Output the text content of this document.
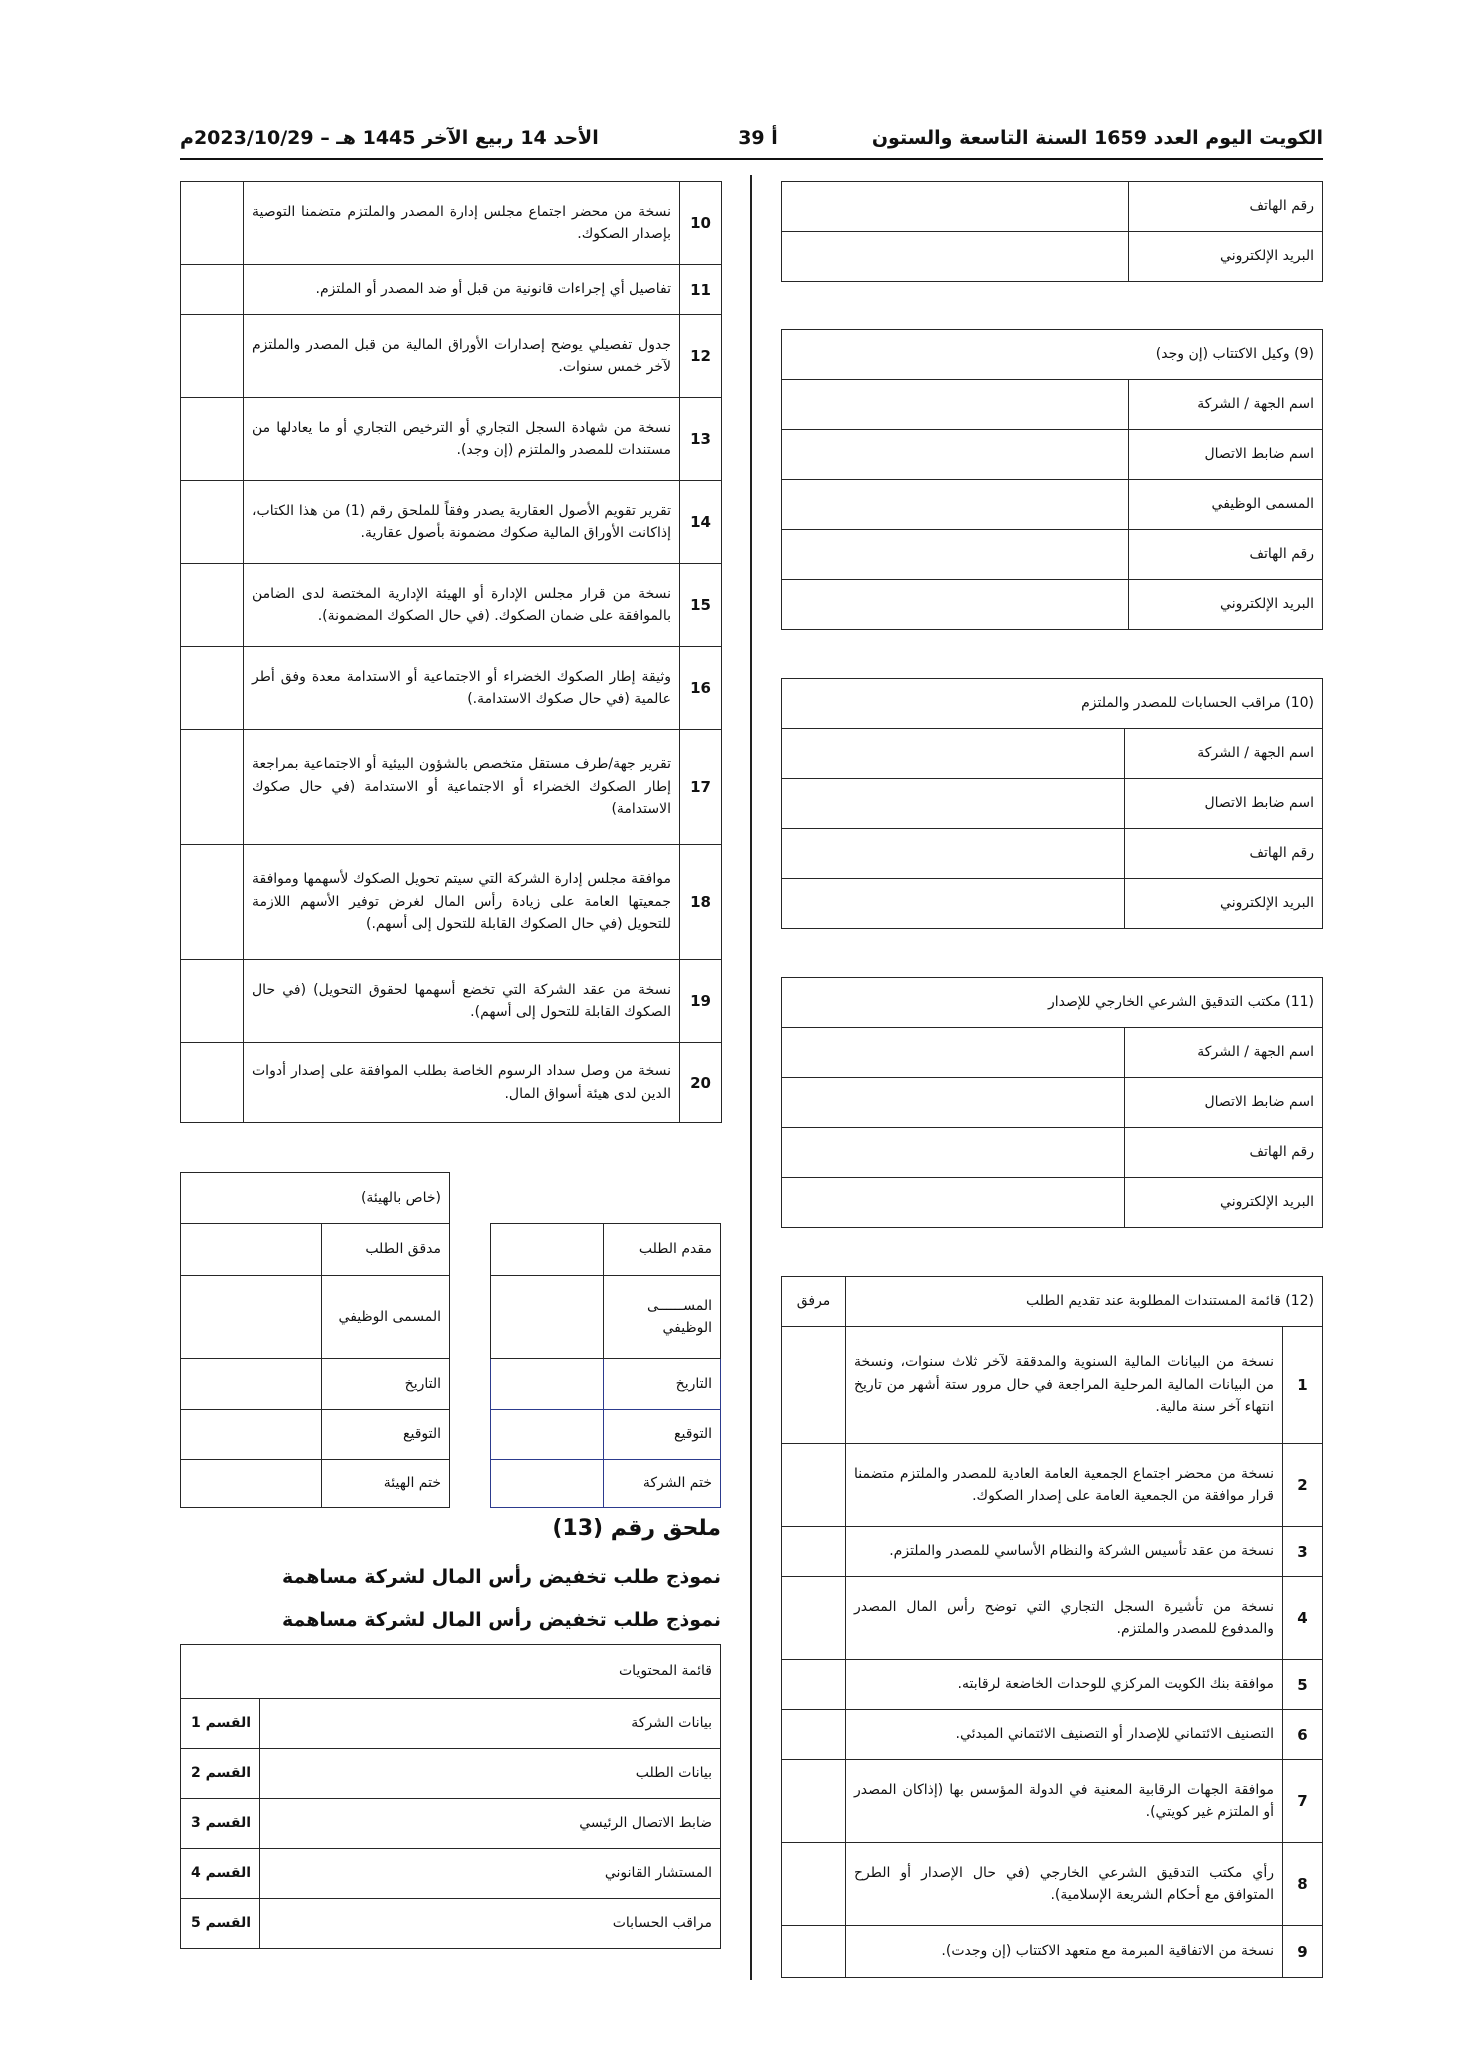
الكويت اليوم العدد 1659 السنة التاسعة والستون
أ 39
الأحد 14 ربيع الآخر 1445 هـ – 2023/10/29م
رقم الهاتف	
البريد الإلكتروني	
(9) وكيل الاكتتاب (إن وجد)	
اسم الجهة / الشركة	
اسم ضابط الاتصال	
المسمى الوظيفي	
رقم الهاتف	
البريد الإلكتروني	
(10) مراقب الحسابات للمصدر والملتزم	
اسم الجهة / الشركة	
اسم ضابط الاتصال	
رقم الهاتف	
البريد الإلكتروني	
(11) مكتب التدقيق الشرعي الخارجي للإصدار	
اسم الجهة / الشركة	
اسم ضابط الاتصال	
رقم الهاتف	
البريد الإلكتروني	
(12) قائمة المستندات المطلوبة عند تقديم الطلب		مرفق
1	نسخة من البيانات المالية السنوية والمدققة لآخر ثلاث سنوات، ونسخة من البيانات المالية المرحلية المراجعة في حال مرور ستة أشهر من تاريخ انتهاء آخر سنة مالية.	
2	نسخة من محضر اجتماع الجمعية العامة العادية للمصدر والملتزم متضمنا قرار موافقة من الجمعية العامة على إصدار الصكوك.	
3	نسخة من عقد تأسيس الشركة والنظام الأساسي للمصدر والملتزم.	
4	نسخة من تأشيرة السجل التجاري التي توضح رأس المال المصدر والمدفوع للمصدر والملتزم.	
5	موافقة بنك الكويت المركزي للوحدات الخاضعة لرقابته.	
6	التصنيف الائتماني للإصدار أو التصنيف الائتماني المبدئي.	
7	موافقة الجهات الرقابية المعنية في الدولة المؤسس بها (إذاكان المصدر أو الملتزم غير كويتي).	
8	رأي مكتب التدقيق الشرعي الخارجي (في حال الإصدار أو الطرح المتوافق مع أحكام الشريعة الإسلامية).	
9	نسخة من الاتفاقية المبرمة مع متعهد الاكتتاب (إن وجدت).	
10	نسخة من محضر اجتماع مجلس إدارة المصدر والملتزم متضمنا التوصية بإصدار الصكوك.	
11	تفاصيل أي إجراءات قانونية من قبل أو ضد المصدر أو الملتزم.	
12	جدول تفصيلي يوضح إصدارات الأوراق المالية من قبل المصدر والملتزم لآخر خمس سنوات.	
13	نسخة من شهادة السجل التجاري أو الترخيص التجاري أو ما يعادلها من مستندات للمصدر والملتزم (إن وجد).	
14	تقرير تقويم الأصول العقارية يصدر وفقاً للملحق رقم (1) من هذا الكتاب، إذاكانت الأوراق المالية صكوك مضمونة بأصول عقارية.	
15	نسخة من قرار مجلس الإدارة أو الهيئة الإدارية المختصة لدى الضامن بالموافقة على ضمان الصكوك. (في حال الصكوك المضمونة).	
16	وثيقة إطار الصكوك الخضراء أو الاجتماعية أو الاستدامة معدة وفق أطر عالمية (في حال صكوك الاستدامة.)	
17	تقرير جهة/طرف مستقل متخصص بالشؤون البيئية أو الاجتماعية بمراجعة إطار الصكوك الخضراء أو الاجتماعية أو الاستدامة (في حال صكوك الاستدامة)	
18	موافقة مجلس إدارة الشركة التي سيتم تحويل الصكوك لأسهمها وموافقة جمعيتها العامة على زيادة رأس المال لغرض توفير الأسهم اللازمة للتحويل (في حال الصكوك القابلة للتحول إلى أسهم.)	
19	نسخة من عقد الشركة التي تخضع أسهمها لحقوق التحويل) (في حال الصكوك القابلة للتحول إلى أسهم).	
20	نسخة من وصل سداد الرسوم الخاصة بطلب الموافقة على إصدار أدوات الدين لدى هيئة أسواق المال.	
(خاص بالهيئة)	
مدقق الطلب	
المسمى الوظيفي	
التاريخ	
التوقيع	
ختم الهيئة	
مقدم الطلب	
المســــــى الوظيفي	
التاريخ	
التوقيع	
ختم الشركة	
ملحق رقم (13)
نموذج طلب تخفيض رأس المال لشركة مساهمة
نموذج طلب تخفيض رأس المال لشركة مساهمة
قائمة المحتويات	
بيانات الشركة	القسم 1
بيانات الطلب	القسم 2
ضابط الاتصال الرئيسي	القسم 3
المستشار القانوني	القسم 4
مراقب الحسابات	القسم 5
